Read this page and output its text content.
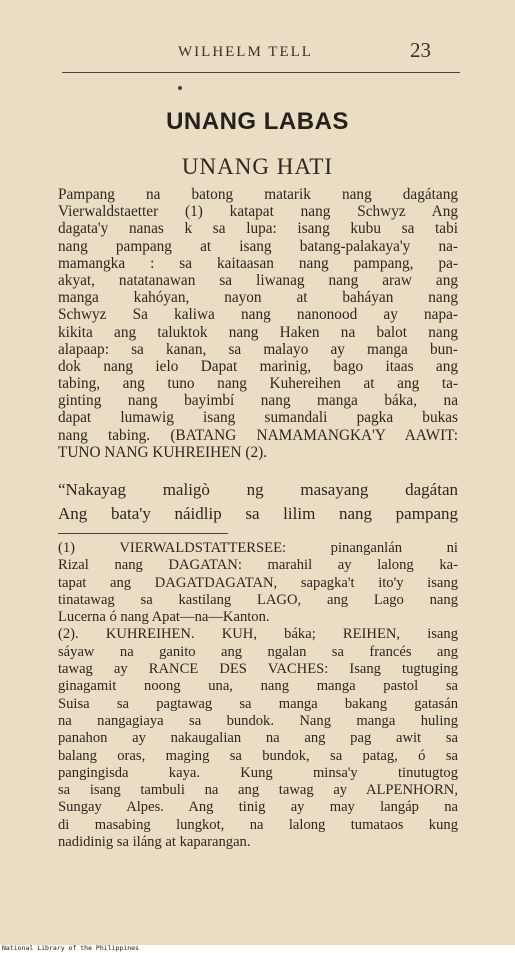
WILHELM TELL	23
UNANG LABAS
UNANG HATI
Pampang na batong matarik nang dagátang
Vierwaldstaetter (1) katapat nang Schwyz Ang
dagata'y nanas k sa lupa: isang kubu sa tabi
nang pampang at isang batang-palakaya'y na-
mamangka : sa kaitaasan nang pampang, pa-
akyat, natatanawan sa liwanag nang araw ang
manga kahóyan, nayon at baháyan nang
Schwyz Sa kaliwa nang nanonood ay napa-
kikita ang taluktok nang Haken na balot nang
alapaap: sa kanan, sa malayo ay manga bun-
dok nang ielo Dapat marinig, bago itaas ang
tabing, ang tuno nang Kuhereihen at ang ta-
ginting nang bayimbí nang manga báka, na
dapat lumawig isang sumandali pagka bukas
nang tabing. (BATANG NAMAMANGKA'Y AAWIT:
TUNO NANG KUHREIHEN (2).
“Nakayag maligò ng masayang dagátan
Ang bata'y náidlip sa lilim nang pampang
(1) VIERWALDSTATTERSEE: pinanganlán ni
Rizal nang DAGATAN: marahil ay lalong ka-
tapat ang DAGATDAGATAN, sapagka't ito'y isang
tinatawag sa kastilang LAGO, ang Lago nang
Lucerna ó nang Apat—na—Kanton.
(2). KUHREIHEN. KUH, báka; REIHEN, isang
sáyaw na ganito ang ngalan sa francés ang
tawag ay RANCE DES VACHES: Isang tugtuging
ginagamit noong una, nang manga pastol sa
Suisa sa pagtawag sa manga bakang gatasán
na nangagiaya sa bundok. Nang manga huling
panahon ay nakaugalian na ang pag awit sa
balang oras, maging sa bundok, sa patag, ó sa
pangingisda kaya. Kung minsa'y tinutugtog
sa isang tambuli na ang tawag ay ALPENHORN,
Sungay Alpes. Ang tinig ay may langáp na
di masabing lungkot, na lalong tumataos kung
nadidinig sa iláng at kaparangan.
National Library of the Philippines
